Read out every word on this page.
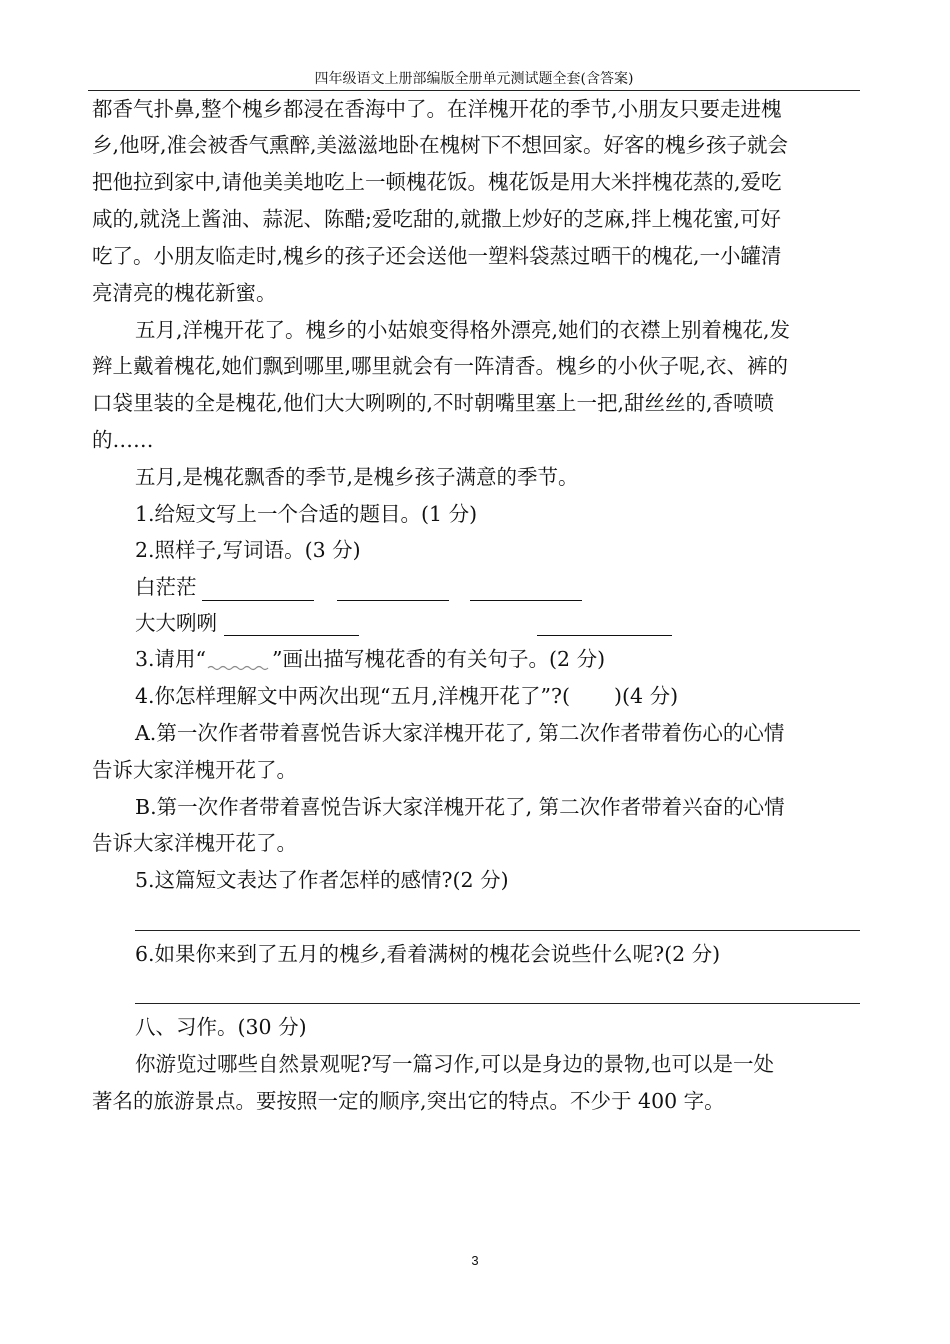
四年级语文上册部编版全册单元测试题全套(含答案)
都香气扑鼻,整个槐乡都浸在香海中了。在洋槐开花的季节,小朋友只要走进槐
乡,他呀,准会被香气熏醉,美滋滋地卧在槐树下不想回家。好客的槐乡孩子就会
把他拉到家中,请他美美地吃上一顿槐花饭。槐花饭是用大米拌槐花蒸的,爱吃
咸的,就浇上酱油、蒜泥、陈醋;爱吃甜的,就撒上炒好的芝麻,拌上槐花蜜,可好
吃了。小朋友临走时,槐乡的孩子还会送他一塑料袋蒸过晒干的槐花,一小罐清
亮清亮的槐花新蜜。
五月,洋槐开花了。槐乡的小姑娘变得格外漂亮,她们的衣襟上别着槐花,发
辫上戴着槐花,她们飘到哪里,哪里就会有一阵清香。槐乡的小伙子呢,衣、裤的
口袋里装的全是槐花,他们大大咧咧的,不时朝嘴里塞上一把,甜丝丝的,香喷喷
的……
五月,是槐花飘香的季节,是槐乡孩子满意的季节。
1.给短文写上一个合适的题目。(1 分)
2.照样子,写词语。(3 分)
白茫茫
大大咧咧
3.请用“	”画出描写槐花香的有关句子。(2 分)
4.你怎样理解文中两次出现“五月,洋槐开花了”?( )(4 分)
A.第一次作者带着喜悦告诉大家洋槐开花了, 第二次作者带着伤心的心情
告诉大家洋槐开花了。
B.第一次作者带着喜悦告诉大家洋槐开花了, 第二次作者带着兴奋的心情
告诉大家洋槐开花了。
5.这篇短文表达了作者怎样的感情?(2 分)
6.如果你来到了五月的槐乡,看着满树的槐花会说些什么呢?(2 分)
八、习作。(30 分)
你游览过哪些自然景观呢?写一篇习作,可以是身边的景物,也可以是一处
著名的旅游景点。要按照一定的顺序,突出它的特点。不少于 400 字。
3
